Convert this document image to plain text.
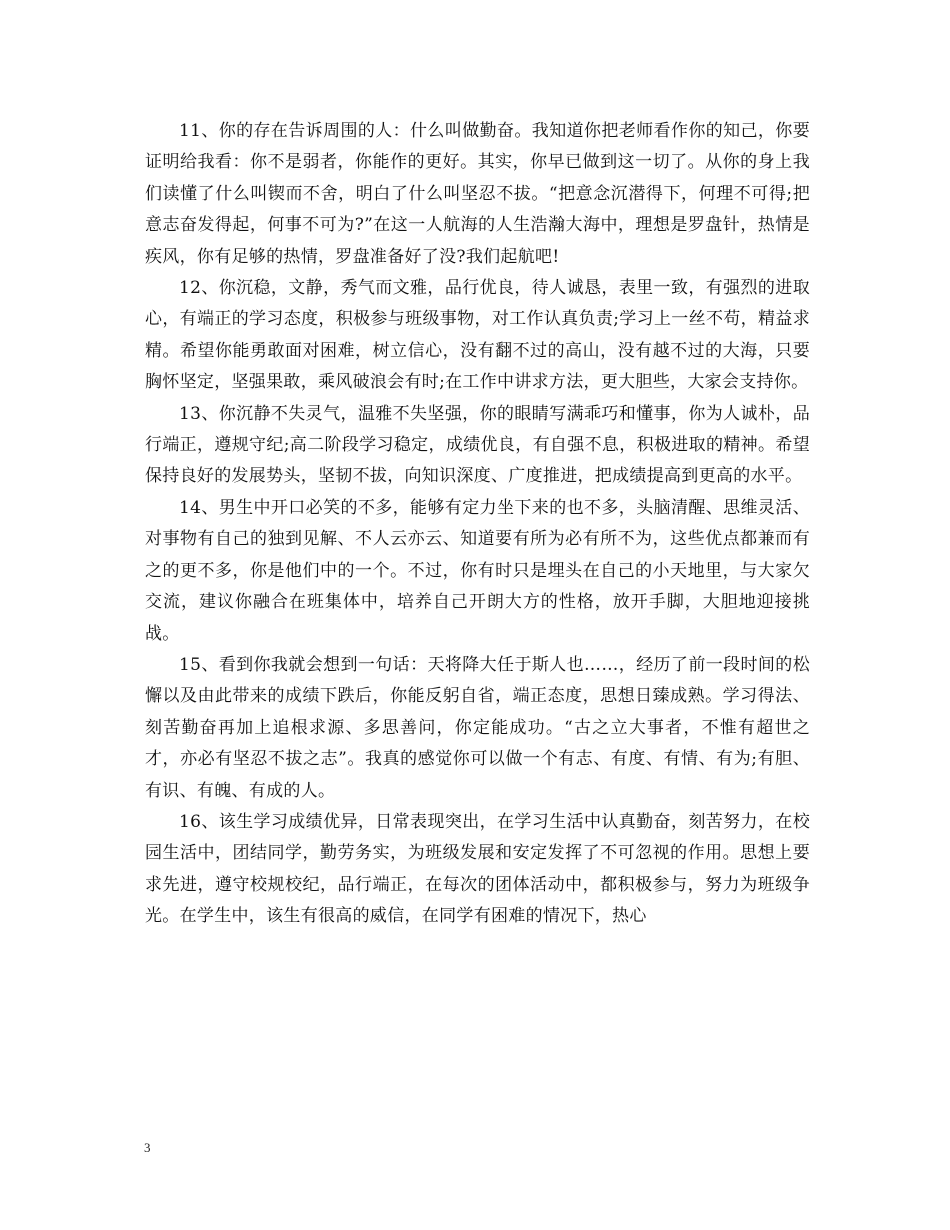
11、你的存在告诉周围的人：什么叫做勤奋。我知道你把老师看作你的知己，你要证明给我看：你不是弱者，你能作的更好。其实，你早已做到这一切了。从你的身上我们读懂了什么叫锲而不舍，明白了什么叫坚忍不拔。“把意念沉潜得下，何理不可得;把意志奋发得起，何事不可为?”在这一人航海的人生浩瀚大海中，理想是罗盘针，热情是疾风，你有足够的热情，罗盘准备好了没?我们起航吧!

12、你沉稳，文静，秀气而文雅，品行优良，待人诚恳，表里一致，有强烈的进取心，有端正的学习态度，积极参与班级事物，对工作认真负责;学习上一丝不苟，精益求精。希望你能勇敢面对困难，树立信心，没有翻不过的高山，没有越不过的大海，只要胸怀坚定，坚强果敢，乘风破浪会有时;在工作中讲求方法，更大胆些，大家会支持你。

13、你沉静不失灵气，温雅不失坚强，你的眼睛写满乖巧和懂事，你为人诚朴，品行端正，遵规守纪;高二阶段学习稳定，成绩优良，有自强不息，积极进取的精神。希望保持良好的发展势头，坚韧不拔，向知识深度、广度推进，把成绩提高到更高的水平。

14、男生中开口必笑的不多，能够有定力坐下来的也不多，头脑清醒、思维灵活、对事物有自己的独到见解、不人云亦云、知道要有所为必有所不为，这些优点都兼而有之的更不多，你是他们中的一个。不过，你有时只是埋头在自己的小天地里，与大家欠交流，建议你融合在班集体中，培养自己开朗大方的性格，放开手脚，大胆地迎接挑战。

15、看到你我就会想到一句话：天将降大任于斯人也……，经历了前一段时间的松懈以及由此带来的成绩下跌后，你能反躬自省，端正态度，思想日臻成熟。学习得法、刻苦勤奋再加上追根求源、多思善问，你定能成功。“古之立大事者，不惟有超世之才，亦必有坚忍不拔之志”。我真的感觉你可以做一个有志、有度、有情、有为;有胆、有识、有魄、有成的人。

16、该生学习成绩优异，日常表现突出，在学习生活中认真勤奋，刻苦努力，在校园生活中，团结同学，勤劳务实，为班级发展和安定发挥了不可忽视的作用。思想上要求先进，遵守校规校纪，品行端正，在每次的团体活动中，都积极参与，努力为班级争光。在学生中，该生有很高的威信，在同学有困难的情况下，热心

3
